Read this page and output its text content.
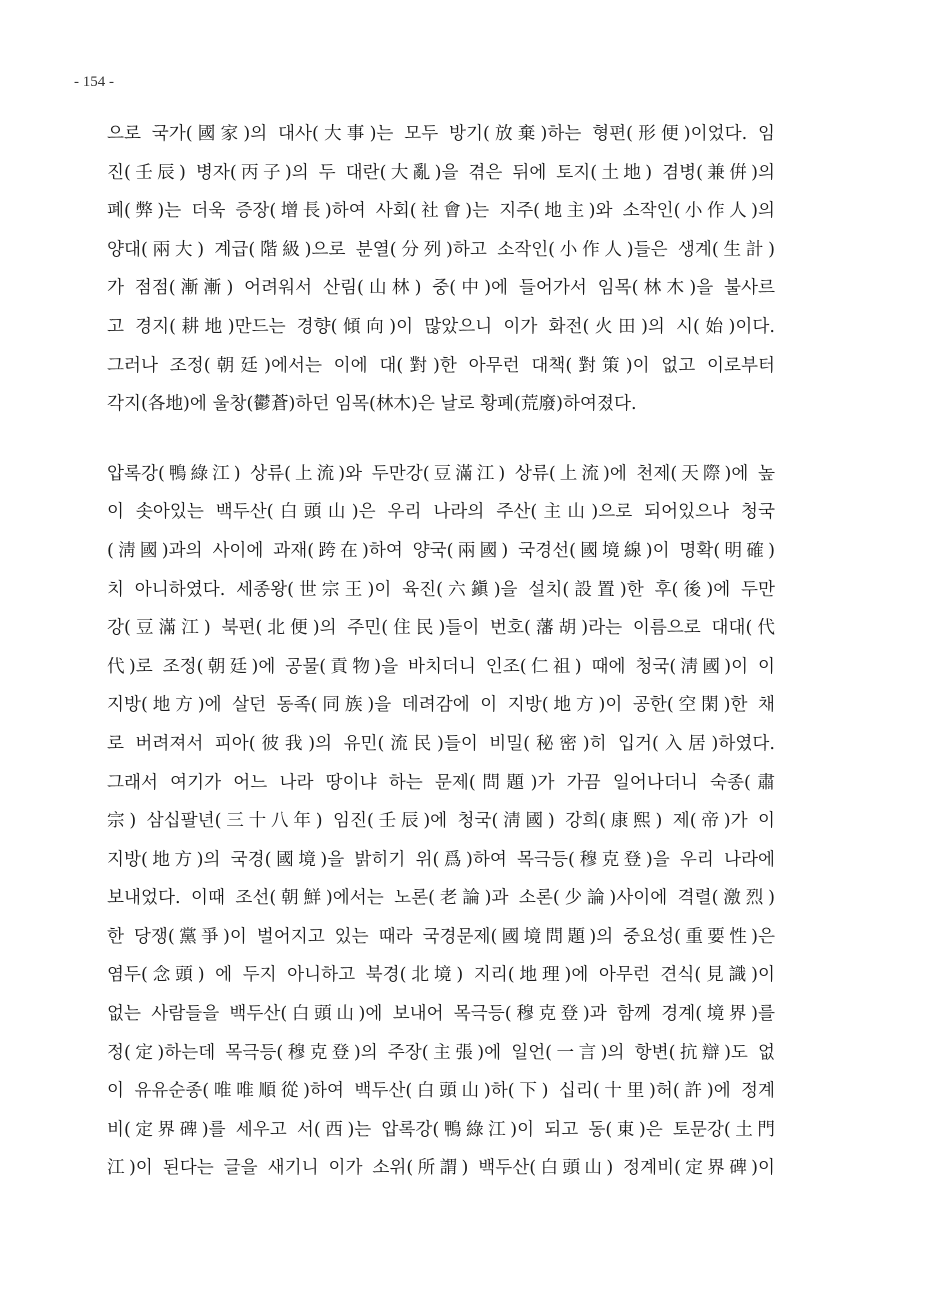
- 154 -
으로 국가(國家)의 대사(大事)는 모두 방기(放棄)하는 형편(形便)이었다. 임
진(壬辰) 병자(丙子)의 두 대란(大亂)을 겪은 뒤에 토지(土地) 겸병(兼倂)의
폐(弊)는 더욱 증장(增長)하여 사회(社會)는 지주(地主)와 소작인(小作人)의
양대(兩大) 계급(階級)으로 분열(分列)하고 소작인(小作人)들은 생계(生計)
가 점점(漸漸) 어려워서 산림(山林) 중(中)에 들어가서 임목(林木)을 불사르
고 경지(耕地)만드는 경향(傾向)이 많았으니 이가 화전(火田)의 시(始)이다.
그러나 조정(朝廷)에서는 이에 대(對)한 아무런 대책(對策)이 없고 이로부터
각지(各地)에 울창(鬱蒼)하던 임목(林木)은 날로 황폐(荒廢)하여졌다.
압록강(鴨綠江) 상류(上流)와 두만강(豆滿江) 상류(上流)에 천제(天際)에 높
이 솟아있는 백두산(白頭山)은 우리 나라의 주산(主山)으로 되어있으나 청국
(淸國)과의 사이에 과재(跨在)하여 양국(兩國) 국경선(國境線)이 명확(明確)
치 아니하였다. 세종왕(世宗王)이 육진(六鎭)을 설치(設置)한 후(後)에 두만
강(豆滿江) 북편(北便)의 주민(住民)들이 번호(藩胡)라는 이름으로 대대(代
代)로 조정(朝廷)에 공물(貢物)을 바치더니 인조(仁祖) 때에 청국(淸國)이 이
지방(地方)에 살던 동족(同族)을 데려감에 이 지방(地方)이 공한(空閑)한 채
로 버려져서 피아(彼我)의 유민(流民)들이 비밀(秘密)히 입거(入居)하였다.
그래서 여기가 어느 나라 땅이냐 하는 문제(問題)가 가끔 일어나더니 숙종(肅
宗) 삼십팔년(三十八年) 임진(壬辰)에 청국(淸國) 강희(康熙) 제(帝)가 이
지방(地方)의 국경(國境)을 밝히기 위(爲)하여 목극등(穆克登)을 우리 나라에
보내었다. 이때 조선(朝鮮)에서는 노론(老論)과 소론(少論)사이에 격렬(激烈)
한 당쟁(黨爭)이 벌어지고 있는 때라 국경문제(國境問題)의 중요성(重要性)은
염두(念頭) 에 두지 아니하고 북경(北境) 지리(地理)에 아무런 견식(見識)이
없는 사람들을 백두산(白頭山)에 보내어 목극등(穆克登)과 함께 경계(境界)를
정(定)하는데 목극등(穆克登)의 주장(主張)에 일언(一言)의 항변(抗辯)도 없
이 유유순종(唯唯順從)하여 백두산(白頭山)하(下) 십리(十里)허(許)에 정계
비(定界碑)를 세우고 서(西)는 압록강(鴨綠江)이 되고 동(東)은 토문강(土門
江)이 된다는 글을 새기니 이가 소위(所謂) 백두산(白頭山) 정계비(定界碑)이
